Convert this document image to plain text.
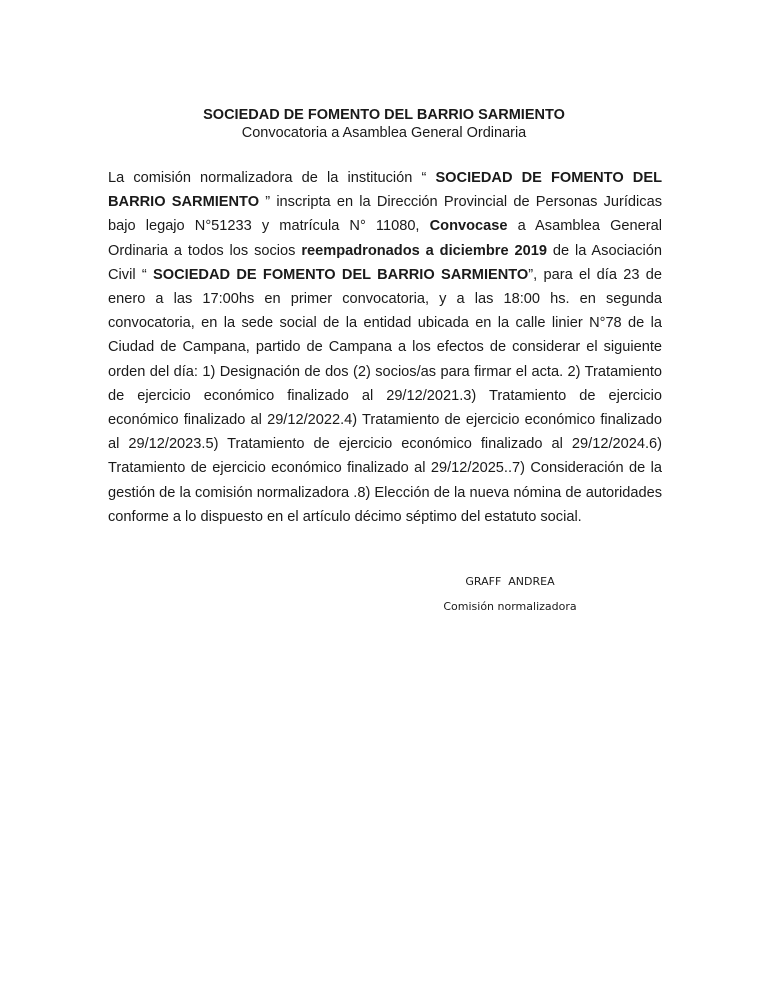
SOCIEDAD DE FOMENTO DEL BARRIO SARMIENTO
Convocatoria a Asamblea General Ordinaria

La comisión normalizadora de la institución “ SOCIEDAD DE FOMENTO DEL BARRIO SARMIENTO ” inscripta en la Dirección Provincial de Personas Jurídicas bajo legajo N°51233 y matrícula N° 11080, Convocase a Asamblea General Ordinaria a todos los socios reempadronados a diciembre 2019 de la Asociación Civil “ SOCIEDAD DE FOMENTO DEL BARRIO SARMIENTO”, para el día 23 de enero a las 17:00hs en primer convocatoria, y a las 18:00 hs. en segunda convocatoria, en la sede social de la entidad ubicada en la calle linier N°78 de la Ciudad de Campana, partido de Campana a los efectos de considerar el siguiente orden del día: 1) Designación de dos (2) socios/as para firmar el acta. 2) Tratamiento de ejercicio económico finalizado al 29/12/2021.3) Tratamiento de ejercicio económico finalizado al 29/12/2022.4) Tratamiento de ejercicio económico finalizado al 29/12/2023.5) Tratamiento de ejercicio económico finalizado al 29/12/2024.6) Tratamiento de ejercicio económico finalizado al 29/12/2025..7) Consideración de la gestión de la comisión normalizadora .8) Elección de la nueva nómina de autoridades conforme a lo dispuesto en el artículo décimo séptimo del estatuto social.

GRAFF  ANDREA
Comisión normalizadora
